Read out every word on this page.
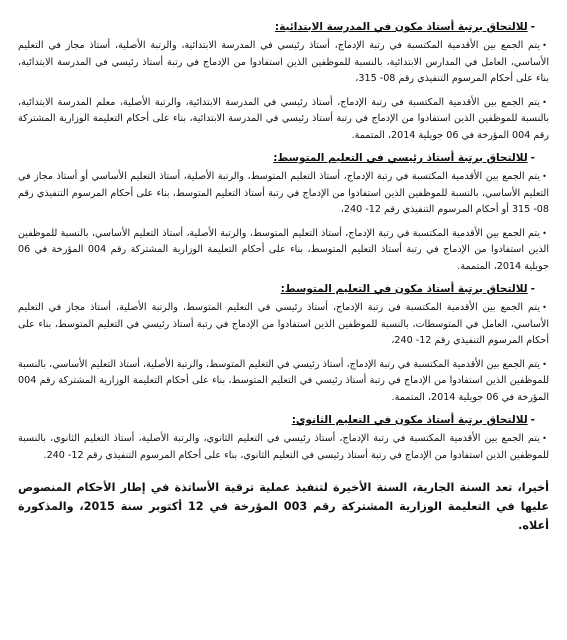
-للالتحاق برتبة أستاذ مكون في المدرسة الابتدائية:

•يتم الجمع بين الأقدمية المكتسبة في رتبة الإدماج، أستاذ رئيسي في المدرسة الابتدائية، والرتبة الأصلية، أستاذ مجاز في التعليم الأساسي، العامل في المدارس الابتدائية، بالنسبة للموظفين الذين استفادوا من الإدماج في رتبة أستاذ رئيسي في المدرسة الابتدائية، بناء على أحكام المرسوم التنفيذي رقم 08- 315،

•يتم الجمع بين الأقدمية المكتسبة في رتبة الإدماج، أستاذ رئيسي في المدرسة الابتدائية، والرتبة الأصلية، معلم المدرسة الابتدائية، بالنسبة للموظفين الذين استفادوا من الإدماج في رتبة أستاذ رئيسي في المدرسة الابتدائية، بناء على أحكام التعليمة الوزارية المشتركة رقم 004 المؤرخة في 06 جويلية 2014، المتممة.

-للالتحاق برتبة أستاذ رئيسي في التعليم المتوسط:

•يتم الجمع بين الأقدمية المكتسبة في رتبة الإدماج، أستاذ التعليم المتوسط، والرتبة الأصلية، أستاذ التعليم الأساسي أو أستاذ مجاز في التعليم الأساسي، بالنسبة للموظفين الذين استفادوا من الإدماج في رتبة أستاذ التعليم المتوسط، بناء على أحكام المرسوم التنفيذي رقم 08- 315 أو أحكام المرسوم التنفيذي رقم 12- 240،

•يتم الجمع بين الأقدمية المكتسبة في رتبة الإدماج، أستاذ التعليم المتوسط، والرتبة الأصلية، أستاذ التعليم الأساسي، بالنسبة للموظفين الذين استفادوا من الإدماج في رتبة أستاذ التعليم المتوسط، بناء على أحكام التعليمة الوزارية المشتركة رقم 004 المؤرخة في 06 جويلية 2014، المتممة.

-للالتحاق برتبة أستاذ مكون في التعليم المتوسط:

•يتم الجمع بين الأقدمية المكتسبة في رتبة الإدماج، أستاذ رئيسي في التعليم المتوسط، والرتبة الأصلية، أستاذ مجاز في التعليم الأساسي، العامل في المتوسطات، بالنسبة للموظفين الذين استفادوا من الإدماج في رتبة أستاذ رئيسي في التعليم المتوسط، بناء على أحكام المرسوم التنفيذي رقم 12- 240،

•يتم الجمع بين الأقدمية المكتسبة في رتبة الإدماج، أستاذ رئيسي في التعليم المتوسط، والرتبة الأصلية، أستاذ التعليم الأساسي، بالنسبة للموظفين الذين استفادوا من الإدماج في رتبة أستاذ رئيسي في التعليم المتوسط، بناء على أحكام التعليمة الوزارية المشتركة رقم 004 المؤرخة في 06 جويلية 2014، المتممة.

-للالتحاق برتبة أستاذ مكون في التعليم الثانوي:

•يتم الجمع بين الأقدمية المكتسبة في رتبة الإدماج، أستاذ رئيسي في التعليم الثانوي، والرتبة الأصلية، أستاذ التعليم الثانوي، بالنسبة للموظفين الذين استفادوا من الإدماج في رتبة أستاذ رئيسي في التعليم الثانوي، بناء على أحكام المرسوم التنفيذي رقم 12- 240.

أخيرا، تعد السنة الجارية، السنة الأخيرة لتنفيذ عملية ترقية الأساتذة في إطار الأحكام المنصوص عليها في التعليمة الوزارية المشتركة رقم 003 المؤرخة في 12 أكتوبر سنة 2015، والمذكورة أعلاه.
